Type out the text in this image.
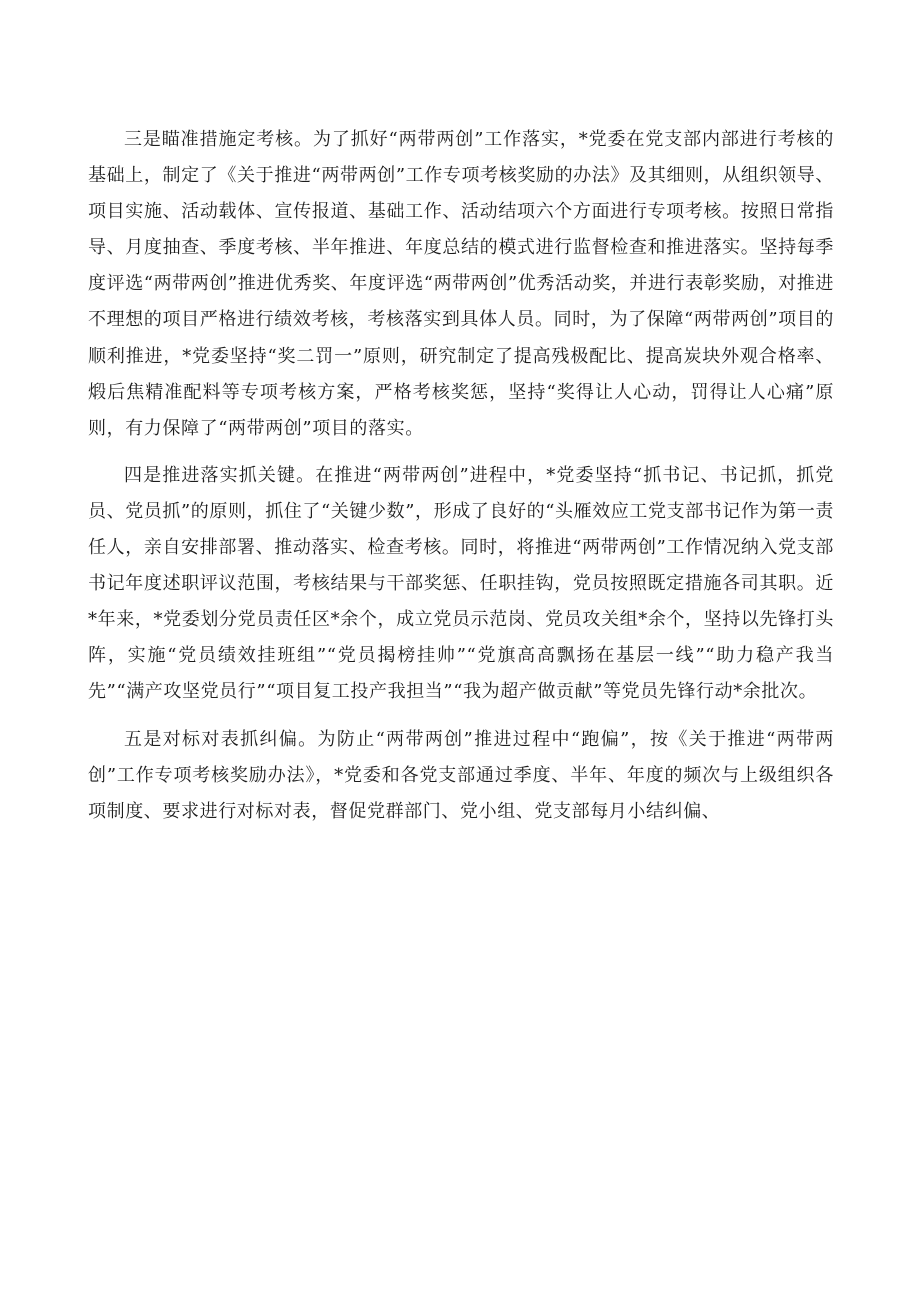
三是瞄准措施定考核。为了抓好“两带两创”工作落实，*党委在党支部内部进行考核的基础上，制定了《关于推进“两带两创”工作专项考核奖励的办法》及其细则，从组织领导、项目实施、活动载体、宣传报道、基础工作、活动结项六个方面进行专项考核。按照日常指导、月度抽查、季度考核、半年推进、年度总结的模式进行监督检查和推进落实。坚持每季度评选“两带两创”推进优秀奖、年度评选“两带两创”优秀活动奖，并进行表彰奖励，对推进不理想的项目严格进行绩效考核，考核落实到具体人员。同时，为了保障“两带两创”项目的顺利推进，*党委坚持“奖二罚一”原则，研究制定了提高残极配比、提高炭块外观合格率、煅后焦精准配料等专项考核方案，严格考核奖惩，坚持“奖得让人心动，罚得让人心痛”原则，有力保障了“两带两创”项目的落实。

四是推进落实抓关键。在推进“两带两创”进程中，*党委坚持“抓书记、书记抓，抓党员、党员抓”的原则，抓住了“关键少数”，形成了良好的“头雁效应工党支部书记作为第一责任人，亲自安排部署、推动落实、检查考核。同时，将推进“两带两创”工作情况纳入党支部书记年度述职评议范围，考核结果与干部奖惩、任职挂钩，党员按照既定措施各司其职。近*年来，*党委划分党员责任区*余个，成立党员示范岗、党员攻关组*余个，坚持以先锋打头阵，实施“党员绩效挂班组”“党员揭榜挂帅”“党旗高高飘扬在基层一线”“助力稳产我当先”“满产攻坚党员行”“项目复工投产我担当”“我为超产做贡献”等党员先锋行动*余批次。

五是对标对表抓纠偏。为防止“两带两创”推进过程中“跑偏”，按《关于推进“两带两创”工作专项考核奖励办法》，*党委和各党支部通过季度、半年、年度的频次与上级组织各项制度、要求进行对标对表，督促党群部门、党小组、党支部每月小结纠偏、
